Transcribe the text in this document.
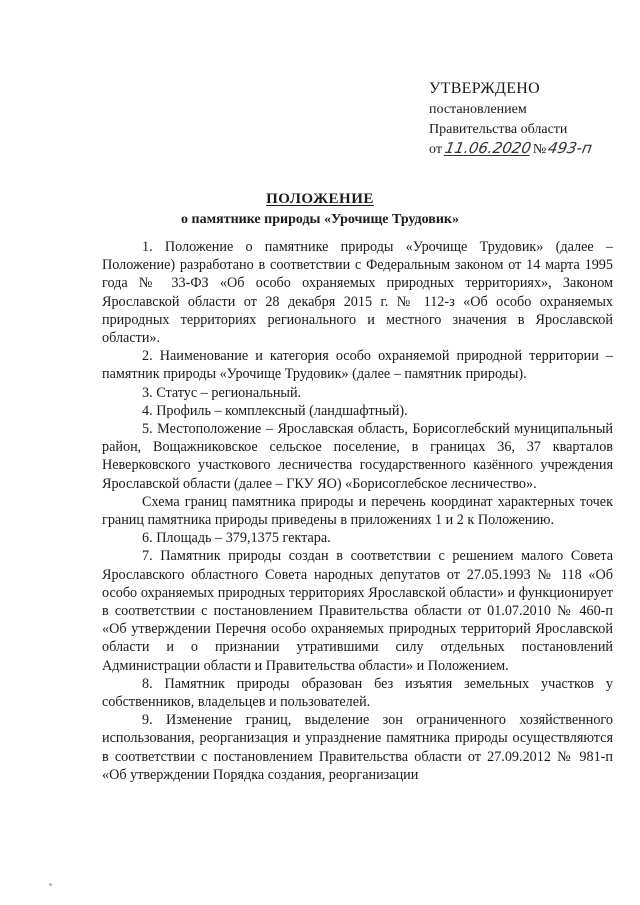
УТВЕРЖДЕНО
постановлением
Правительства области
от 11.06.2020№493-п
ПОЛОЖЕНИЕ
о памятнике природы «Урочище Трудовик»

1. Положение о памятнике природы «Урочище Трудовик» (далее – Положение) разработано в соответствии с Федеральным законом от 14 марта 1995 года № 33-ФЗ «Об особо охраняемых природных территориях», Законом Ярославской области от 28 декабря 2015 г. № 112-з «Об особо охраняемых природных территориях регионального и местного значения в Ярославской области».

2. Наименование и категория особо охраняемой природной территории – памятник природы «Урочище Трудовик» (далее – памятник природы).

3. Статус – региональный.

4. Профиль – комплексный (ландшафтный).

5. Местоположение – Ярославская область, Борисоглебский муниципальный район, Вощажниковское сельское поселение, в границах 36, 37 кварталов Неверковского участкового лесничества государственного казённого учреждения Ярославской области (далее – ГКУ ЯО) «Борисоглебское лесничество».

Схема границ памятника природы и перечень координат характерных точек границ памятника природы приведены в приложениях 1 и 2 к Положению.

6. Площадь – 379,1375 гектара.

7. Памятник природы создан в соответствии с решением малого Совета Ярославского областного Совета народных депутатов от 27.05.1993 № 118 «Об особо охраняемых природных территориях Ярославской области» и функционирует в соответствии с постановлением Правительства области от 01.07.2010 № 460-п «Об утверждении Перечня особо охраняемых природных территорий Ярославской области и о признании утратившими силу отдельных постановлений Администрации области и Правительства области» и Положением.

8. Памятник природы образован без изъятия земельных участков у собственников, владельцев и пользователей.

9. Изменение границ, выделение зон ограниченного хозяйственного использования, реорганизация и упразднение памятника природы осуществляются в соответствии с постановлением Правительства области от 27.09.2012 № 981-п «Об утверждении Порядка создания, реорганизации
